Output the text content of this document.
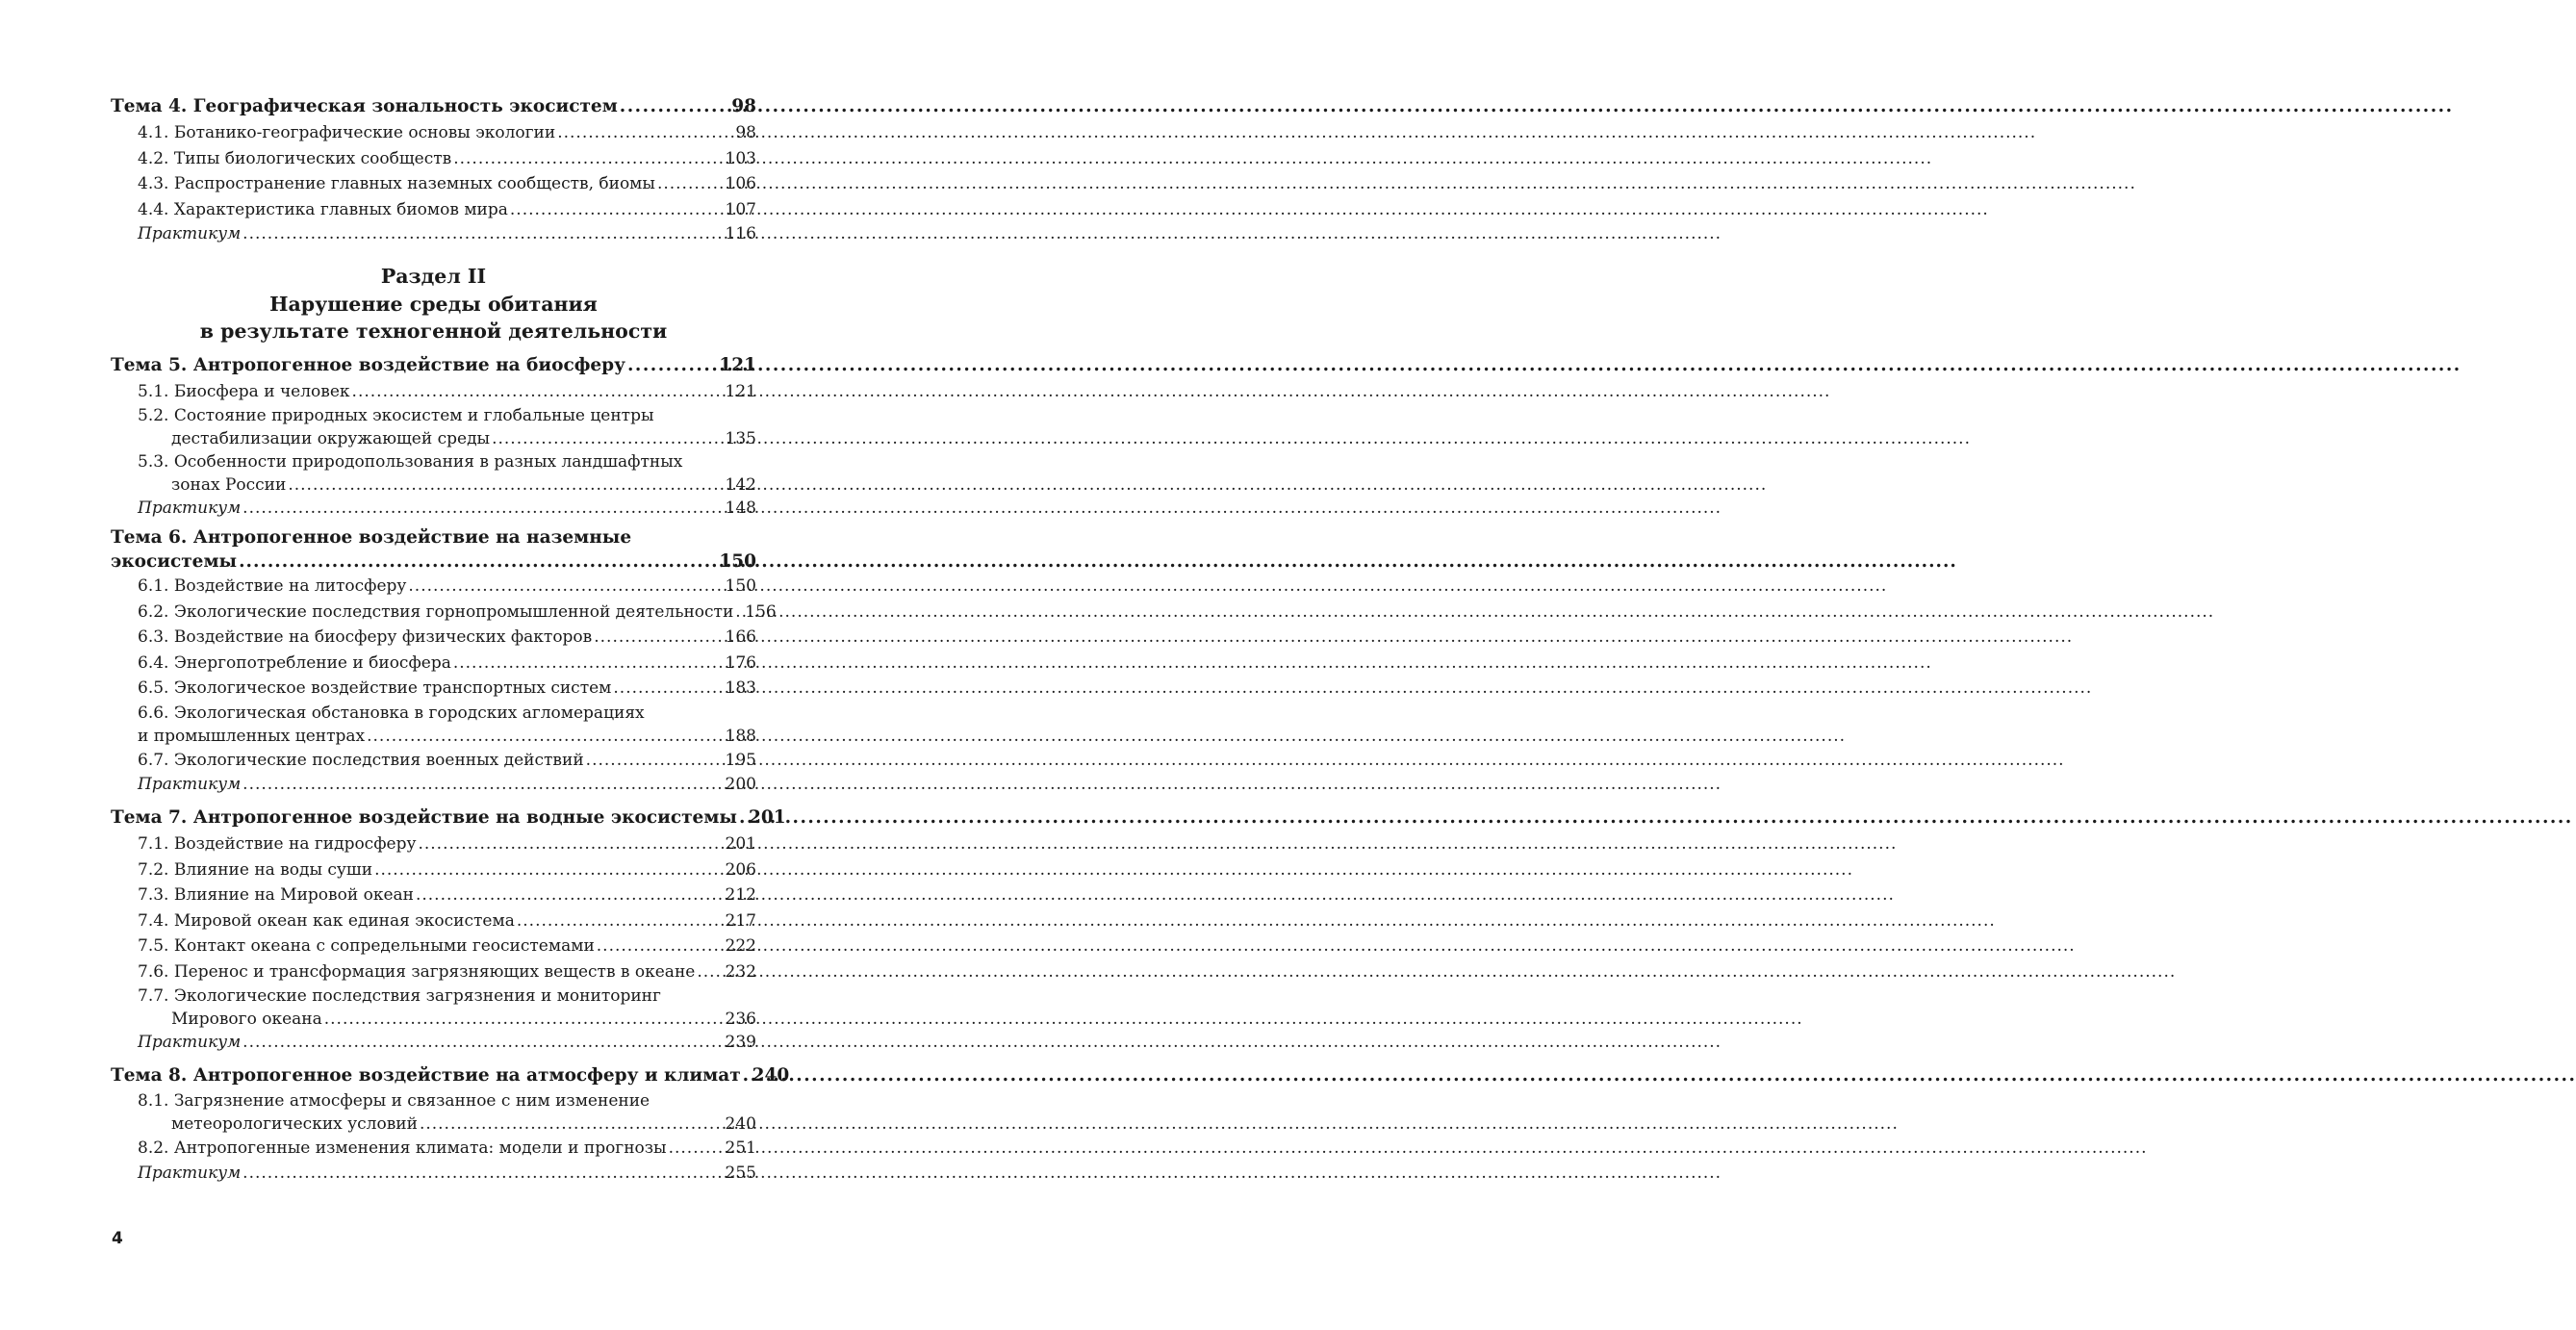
Тема 4. Географическая зональность экосистем .....	98
4.1. Ботанико-географические основы экологии .....	98
4.2. Типы биологических сообществ .....	103
4.3. Распространение главных наземных сообществ, биомы .....	106
4.4. Характеристика главных биомов мира .....	107
Практикум .....	116
Раздел II
Нарушение среды обитания
в результате техногенной деятельности
Тема 5. Антропогенное воздействие на биосферу .....	121
5.1. Биосфера и человек .....	121
5.2. Состояние природных экосистем и глобальные центры
дестабилизации окружающей среды .....	135
5.3. Особенности природопользования в разных ландшафтных
зонах России .....	142
Практикум .....	148
Тема 6. Антропогенное воздействие на наземные
экосистемы .....	150
6.1. Воздействие на литосферу .....	150
6.2. Экологические последствия горнопромышленной деятельности ..... 156
6.3. Воздействие на биосферу физических факторов .....	166
6.4. Энергопотребление и биосфера .....	176
6.5. Экологическое воздействие транспортных систем .....	183
6.6. Экологическая обстановка в городских агломерациях
и промышленных центрах .....	188
6.7. Экологические последствия военных действий .....	195
Практикум .....	200
Тема 7. Антропогенное воздействие на водные экосистемы ..... 201
7.1. Воздействие на гидросферу .....	201
7.2. Влияние на воды суши .....	206
7.3. Влияние на Мировой океан .....	212
7.4. Мировой океан как единая экосистема .....	217
7.5. Контакт океана с сопредельными геосистемами .....	222
7.6. Перенос и трансформация загрязняющих веществ в океане ..... 232
7.7. Экологические последствия загрязнения и мониторинг
Мирового океана .....	236
Практикум .....	239
Тема 8. Антропогенное воздействие на атмосферу и климат ..... 240
8.1. Загрязнение атмосферы и связанное с ним изменение
метеорологических условий .....	240
8.2. Антропогенные изменения климата: модели и прогнозы .....	251
Практикум .....	255
4
